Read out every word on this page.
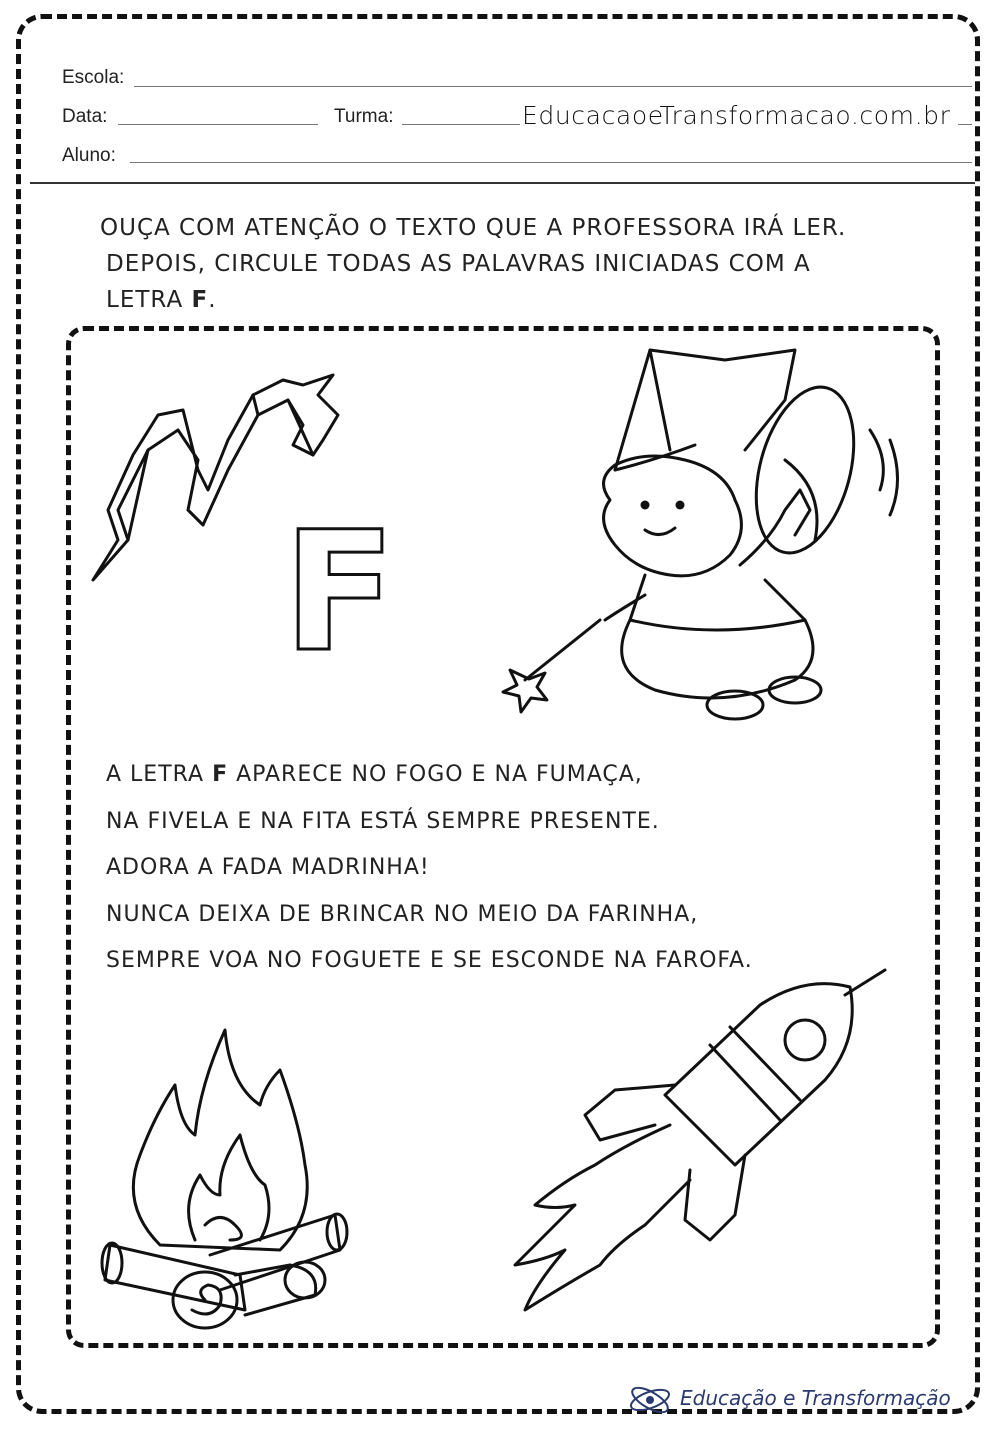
Escola:
Data:	Turma:	EducacaoeTransformacao.com.br
Aluno:
OUÇA COM ATENÇÃO O TEXTO QUE A PROFESSORA IRÁ LER.
DEPOIS, CIRCULE TODAS AS PALAVRAS INICIADAS COM A
LETRA F.
F
A LETRA F APARECE NO FOGO E NA FUMAÇA,
NA FIVELA E NA FITA ESTÁ SEMPRE PRESENTE.
ADORA A FADA MADRINHA!
NUNCA DEIXA DE BRINCAR NO MEIO DA FARINHA,
SEMPRE VOA NO FOGUETE E SE ESCONDE NA FAROFA.
Educação e Transformação
